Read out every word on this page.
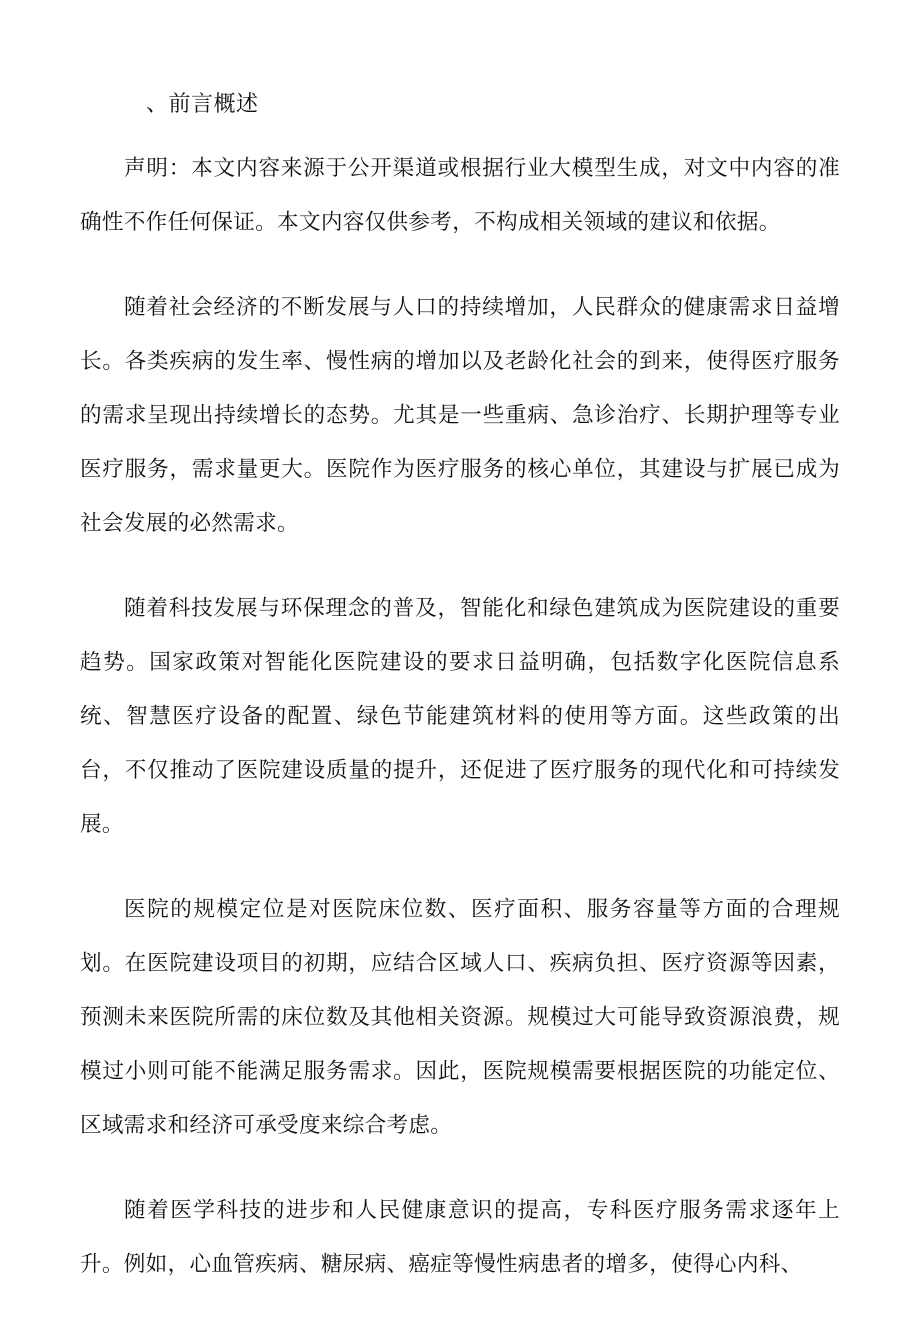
、前言概述

声明：本文内容来源于公开渠道或根据行业大模型生成，对文中内容的准确性不作任何保证。本文内容仅供参考，不构成相关领域的建议和依据。

随着社会经济的不断发展与人口的持续增加，人民群众的健康需求日益增长。各类疾病的发生率、慢性病的增加以及老龄化社会的到来，使得医疗服务的需求呈现出持续增长的态势。尤其是一些重病、急诊治疗、长期护理等专业医疗服务，需求量更大。医院作为医疗服务的核心单位，其建设与扩展已成为社会发展的必然需求。

随着科技发展与环保理念的普及，智能化和绿色建筑成为医院建设的重要趋势。国家政策对智能化医院建设的要求日益明确，包括数字化医院信息系统、智慧医疗设备的配置、绿色节能建筑材料的使用等方面。这些政策的出台，不仅推动了医院建设质量的提升，还促进了医疗服务的现代化和可持续发展。

医院的规模定位是对医院床位数、医疗面积、服务容量等方面的合理规划。在医院建设项目的初期，应结合区域人口、疾病负担、医疗资源等因素，预测未来医院所需的床位数及其他相关资源。规模过大可能导致资源浪费，规模过小则可能不能满足服务需求。因此，医院规模需要根据医院的功能定位、区域需求和经济可承受度来综合考虑。

随着医学科技的进步和人民健康意识的提高，专科医疗服务需求逐年上升。例如，心血管疾病、糖尿病、癌症等慢性病患者的增多，使得心内科、
